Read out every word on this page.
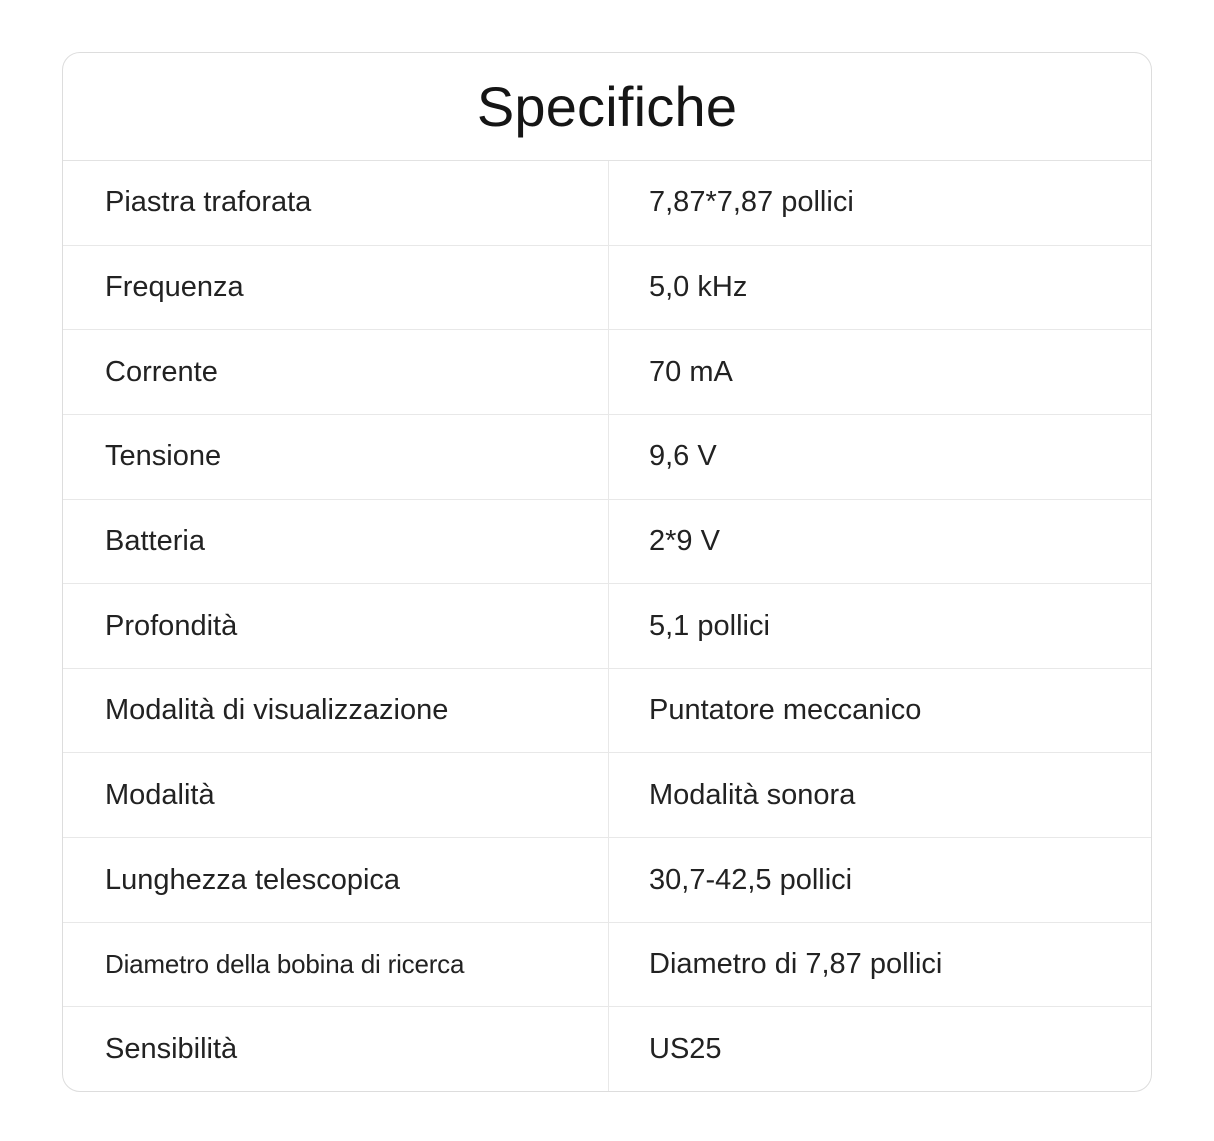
Specifiche
Piastra traforata	7,87*7,87 pollici
Frequenza	5,0 kHz
Corrente	70 mA
Tensione	9,6 V
Batteria	2*9 V
Profondità	5,1 pollici
Modalità di visualizzazione	Puntatore meccanico
Modalità	Modalità sonora
Lunghezza telescopica	30,7-42,5 pollici
Diametro della bobina di ricerca	Diametro di 7,87 pollici
Sensibilità	US25
